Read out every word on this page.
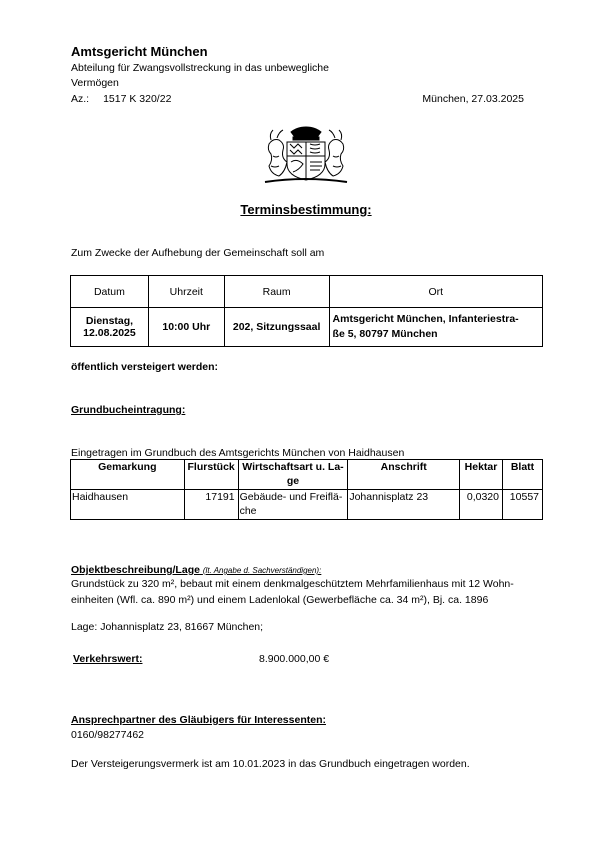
Amtsgericht München
Abteilung für Zwangsvollstreckung in das unbewegliche
Vermögen
Az.: 1517 K 320/22	München, 27.03.2025
Terminsbestimmung:
Zum Zwecke der Aufhebung der Gemeinschaft soll am
Datum	Uhrzeit	Raum	Ort
Dienstag,
12.08.2025	10:00 Uhr	202, Sitzungssaal	Amtsgericht München, Infanteriestra-
ße 5, 80797 München
öffentlich versteigert werden:
Grundbucheintragung:
Eingetragen im Grundbuch des Amtsgerichts München von Haidhausen
Gemarkung	Flurstück	Wirtschaftsart u. La-
ge	Anschrift	Hektar	Blatt
Haidhausen	17191	Gebäude- und Freiflä-
che	Johannisplatz 23	0,0320	10557
Objektbeschreibung/Lage (lt. Angabe d. Sachverständigen):
Grundstück zu 320 m², bebaut mit einem denkmalgeschütztem Mehrfamilienhaus mit 12 Wohn-
einheiten (Wfl. ca. 890 m²) und einem Ladenlokal (Gewerbefläche ca. 34 m²), Bj. ca. 1896
Lage: Johannisplatz 23, 81667 München;
Verkehrswert:	8.900.000,00 €
Ansprechpartner des Gläubigers für Interessenten:
0160/98277462
Der Versteigerungsvermerk ist am 10.01.2023 in das Grundbuch eingetragen worden.
